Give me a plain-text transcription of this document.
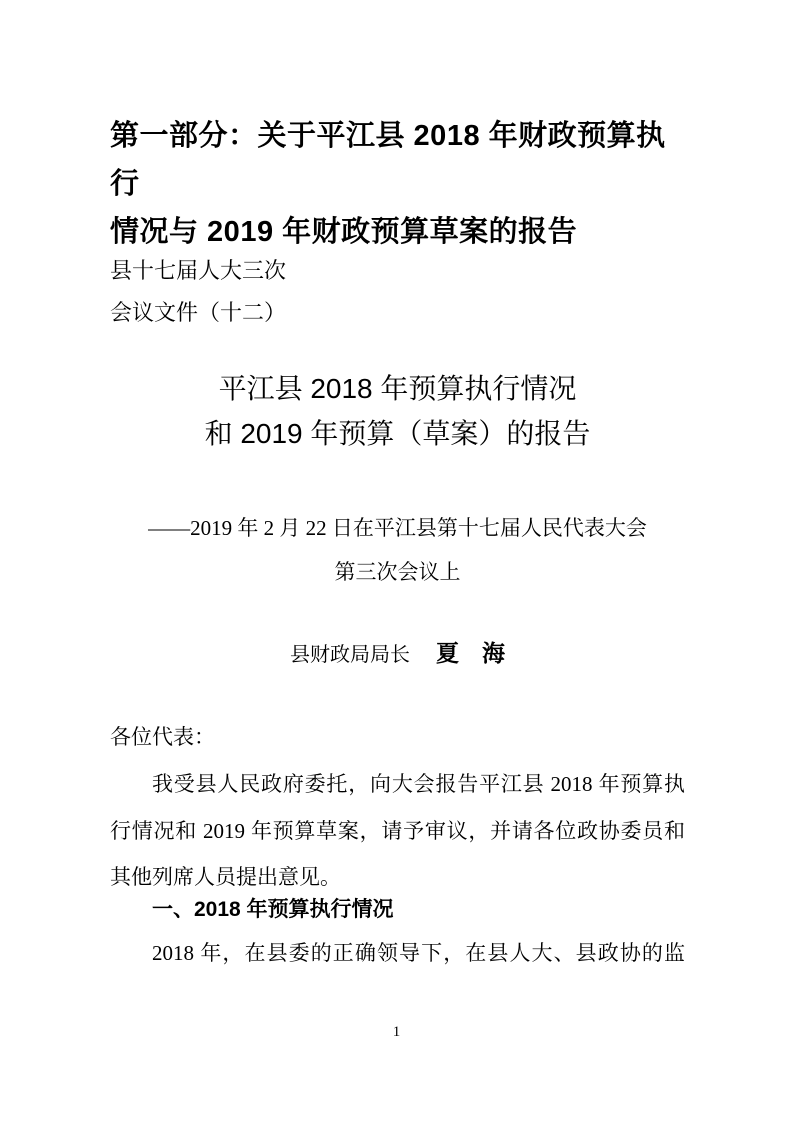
第一部分：关于平江县 2018 年财政预算执行
情况与 2019 年财政预算草案的报告
县十七届人大三次
会议文件（十二）
平江县 2018 年预算执行情况
和 2019 年预算（草案）的报告
——2019 年 2 月 22 日在平江县第十七届人民代表大会
第三次会议上
县财政局局长 夏　海
各位代表：
我受县人民政府委托，向大会报告平江县 2018 年预算执
行情况和 2019 年预算草案，请予审议，并请各位政协委员和
其他列席人员提出意见。
一、2018 年预算执行情况
2018 年，在县委的正确领导下，在县人大、县政协的监
1
